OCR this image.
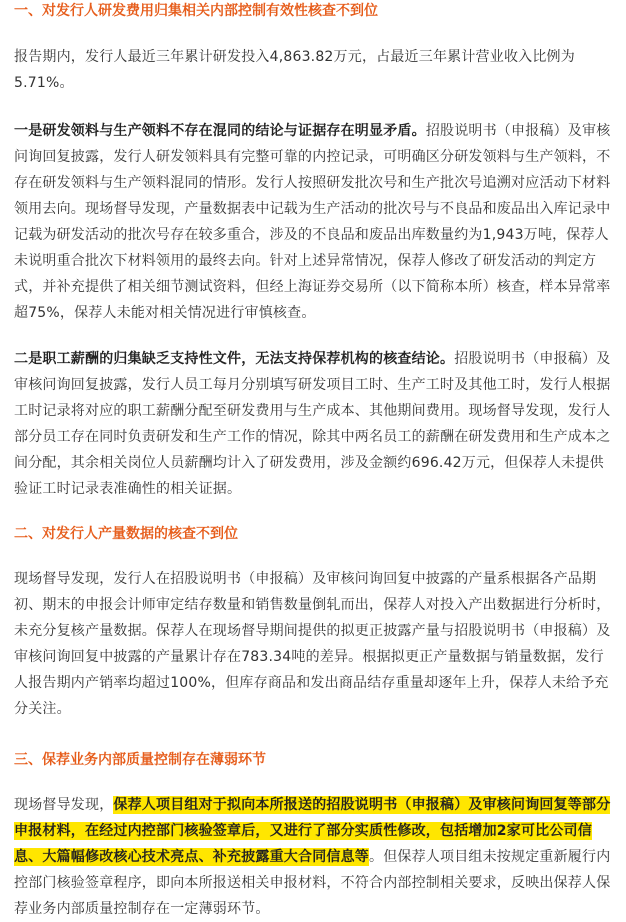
一、对发行人研发费用归集相关内部控制有效性核查不到位

报告期内，发行人最近三年累计研发投入4,863.82万元，占最近三年累计营业收入比例为5.71%。

一是研发领料与生产领料不存在混同的结论与证据存在明显矛盾。招股说明书（申报稿）及审核问询回复披露，发行人研发领料具有完整可靠的内控记录，可明确区分研发领料与生产领料，不存在研发领料与生产领料混同的情形。发行人按照研发批次号和生产批次号追溯对应活动下材料领用去向。现场督导发现，产量数据表中记载为生产活动的批次号与不良品和废品出入库记录中记载为研发活动的批次号存在较多重合，涉及的不良品和废品出库数量约为1,943万吨，保荐人未说明重合批次下材料领用的最终去向。针对上述异常情况，保荐人修改了研发活动的判定方式，并补充提供了相关细节测试资料，但经上海证券交易所（以下简称本所）核查，样本异常率超75%，保荐人未能对相关情况进行审慎核查。

二是职工薪酬的归集缺乏支持性文件，无法支持保荐机构的核查结论。招股说明书（申报稿）及审核问询回复披露，发行人员工每月分别填写研发项目工时、生产工时及其他工时，发行人根据工时记录将对应的职工薪酬分配至研发费用与生产成本、其他期间费用。现场督导发现，发行人部分员工存在同时负责研发和生产工作的情况，除其中两名员工的薪酬在研发费用和生产成本之间分配，其余相关岗位人员薪酬均计入了研发费用，涉及金额约696.42万元，但保荐人未提供验证工时记录表准确性的相关证据。

二、对发行人产量数据的核查不到位

现场督导发现，发行人在招股说明书（申报稿）及审核问询回复中披露的产量系根据各产品期初、期末的申报会计师审定结存数量和销售数量倒轧而出，保荐人对投入产出数据进行分析时，未充分复核产量数据。保荐人在现场督导期间提供的拟更正披露产量与招股说明书（申报稿）及审核问询回复中披露的产量累计存在783.34吨的差异。根据拟更正产量数据与销量数据，发行人报告期内产销率均超过100%，但库存商品和发出商品结存重量却逐年上升，保荐人未给予充分关注。

三、保荐业务内部质量控制存在薄弱环节

现场督导发现，保荐人项目组对于拟向本所报送的招股说明书（申报稿）及审核问询回复等部分申报材料，在经过内控部门核验签章后，又进行了部分实质性修改，包括增加2家可比公司信息、大篇幅修改核心技术亮点、补充披露重大合同信息等。但保荐人项目组未按规定重新履行内控部门核验签章程序，即向本所报送相关申报材料，不符合内部控制相关要求，反映出保荐人保荐业务内部质量控制存在一定薄弱环节。
